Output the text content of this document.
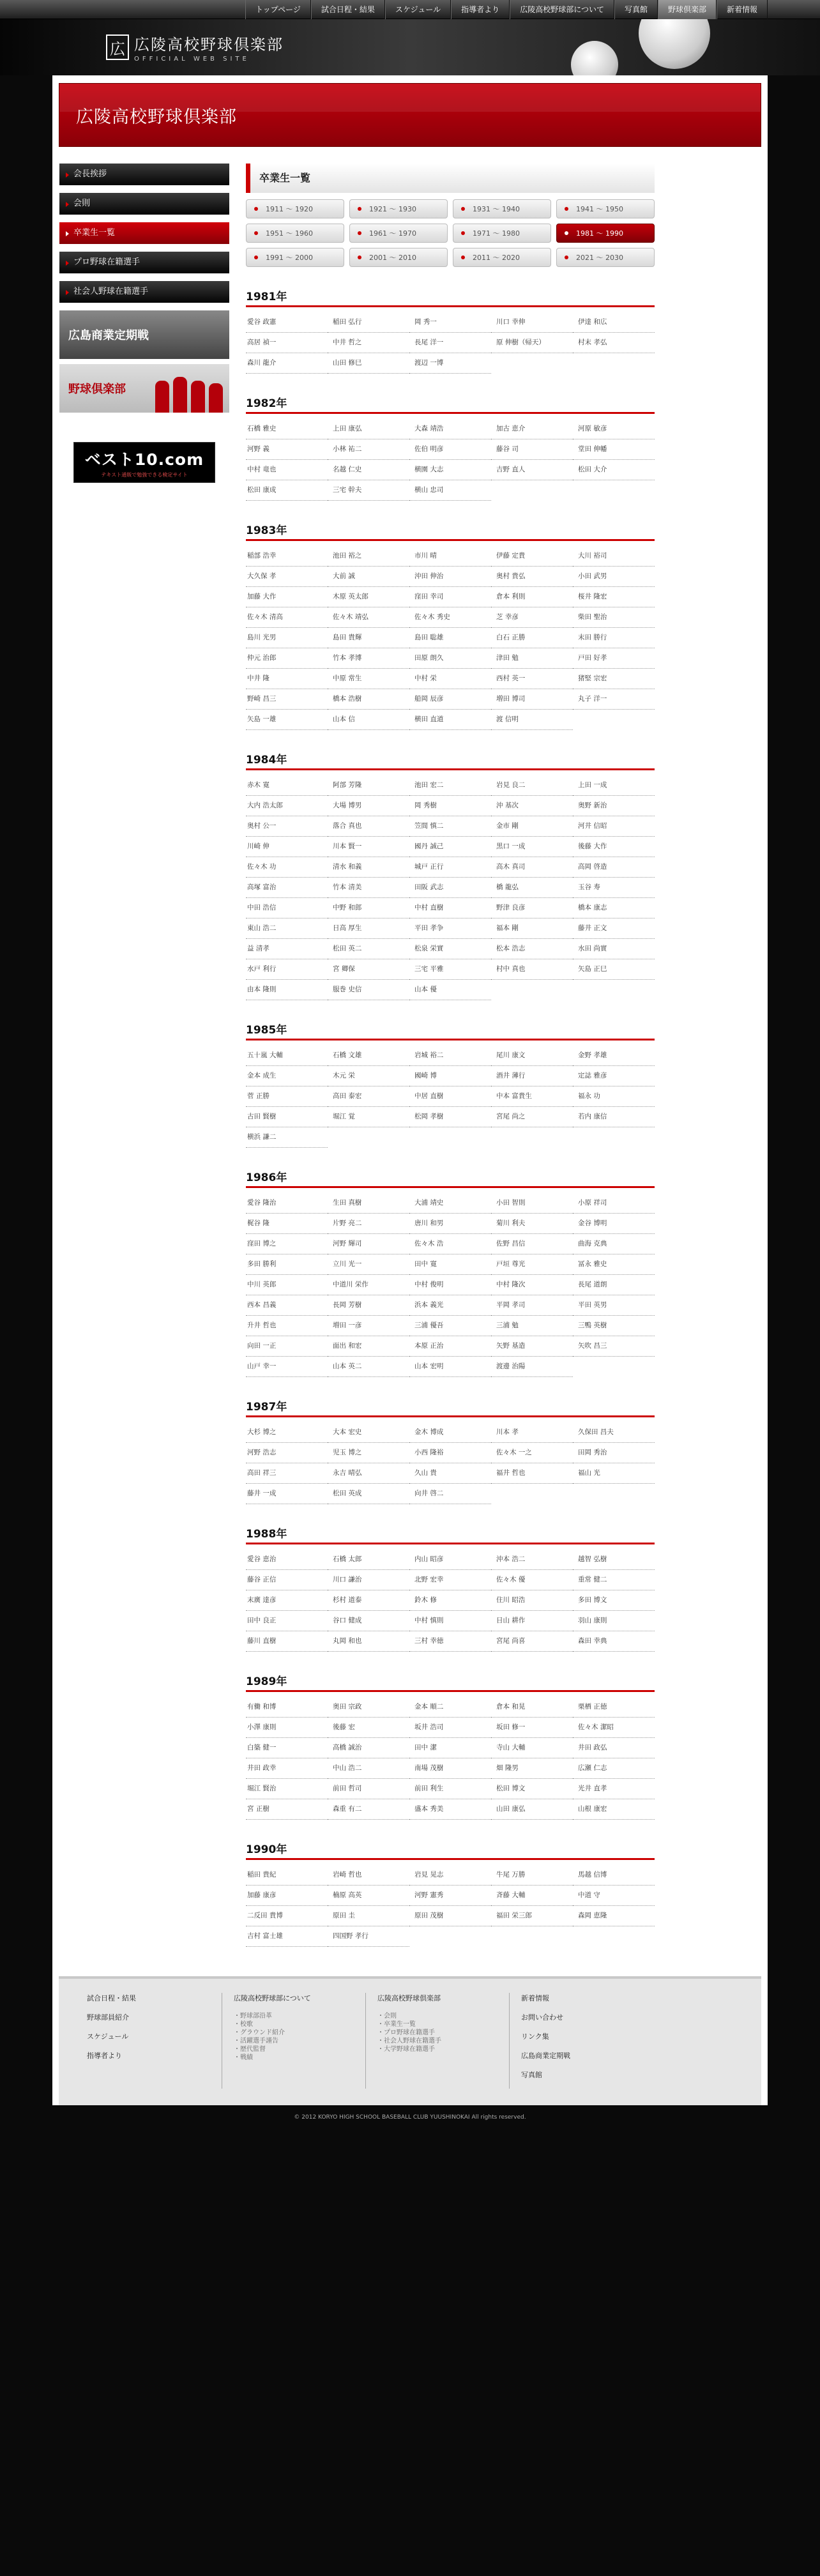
トップページ	試合日程・結果	スケジュール	指導者より	広陵高校野球部について	写真館	野球倶楽部	新着情報
広 広陵高校野球倶楽部
OFFICIAL WEB SITE
広陵高校野球倶楽部
会長挨拶
会則
卒業生一覧
プロ野球在籍選手
社会人野球在籍選手
広島商業定期戦
野球倶楽部
ベスト10.com
テキスト通販で勉強できる検定サイト
卒業生一覧
1911 〜 1920	1921 〜 1930	1931 〜 1940	1941 〜 1950
1951 〜 1960	1961 〜 1970	1971 〜 1980	1981 〜 1990
1991 〜 2000	2001 〜 2010	2011 〜 2020	2021 〜 2030
1981年
愛谷 政憲	稲田 弘行	岡 秀一	川口 幸伸	伊達 和広
高居 禎一	中井 哲之	長尾 洋一	原 伸樹（帰天）	村末 孝弘
森川 龍介	山田 修巳	渡辺 一博
1982年
石橋 雅史	上田 康弘	大森 靖浩	加古 恵介	河原 敏彦
河野 義	小林 祐二	佐伯 明彦	藤谷 司	堂田 伸幡
中村 竜也	名越 仁史	横園 大志	吉野 直人	松田 大介
松田 康成	三宅 幹夫	横山 忠司
1983年
稲部 浩幸	池田 裕之	市川 晴	伊藤 定貴	大川 裕司
大久保 孝	大前 誠	沖田 伸治	奥村 貴弘	小田 武男
加藤 大作	木原 英太郎	窪田 幸司	倉本 利則	桜井 隆宏
佐々木 清高	佐々木 靖弘	佐々木 秀史	芝 幸彦	柴田 聖治
島川 光男	島田 貴輝	島田 聡雄	白石 正勝	末田 勝行
仲元 治郎	竹本 孝博	田原 朗久	津田 勉	戸田 好孝
中井 隆	中原 常生	中村 栄	西村 英一	猪堅 宗宏
野崎 昌三	橋本 浩樹	船岡 辰彦	増田 博司	丸子 洋一
矢島 一雄	山本 信	横田 直道	渡 信明
1984年
赤木 寛	阿部 芳隆	池田 宏二	岩見 良二	上田 一成
大内 浩太郎	大場 博男	岡 秀樹	沖 基次	奥野 新治
奥村 公一	落合 真也	笠間 慎二	金市 剛	河井 信昭
川崎 伸	川本 賢一	國丹 誠己	黒口 一成	後藤 大作
佐々木 功	清水 和義	城戸 正行	高木 真司	高岡 啓造
高塚 富治	竹本 清美	田阪 武志	橋 龍弘	玉谷 寿
中田 浩信	中野 和郎	中村 直樹	野津 良彦	橋本 康志
東山 浩二	日高 厚生	平田 孝争	福本 剛	藤井 正文
益 清孝	松田 英二	松泉 栄實	松本 浩志	水田 尚實
水戸 利行	宮 卿保	三宅 平雅	村中 真也	矢島 正巳
由本 隆則	服巻 史信	山本 優
1985年
五十嵐 大輔	石橋 文雄	岩城 裕二	尾川 康文	金野 孝雄
金本 成生	木元 栄	國崎 博	酒井 薄行	定誌 雅彦
菅 正勝	高田 泰宏	中居 直樹	中本 富貴生	福永 功
古田 賢樹	堀江 覚	松岡 孝樹	宮尾 尚之	若内 康信
横浜 謙二
1986年
愛谷 隆治	生田 真樹	大浦 靖史	小田 智則	小原 祥司
梶谷 隆	片野 亮二	唐川 和男	菊川 利夫	金谷 博明
窪田 博之	河野 輝司	佐々木 浩	佐野 昌信	曲海 克典
多田 勝利	立川 光一	田中 寛	戸垣 尊光	冨永 雅史
中川 英郎	中道川 栄作	中村 俊明	中村 隆次	長尾 道朗
西本 昌義	長岡 芳樹	浜本 義光	平岡 孝司	平田 英男
升井 哲也	増田 一彦	三浦 優吾	三浦 勉	三鴨 英樹
向田 一正	面出 和宏	本原 正治	矢野 基造	矢吹 昌三
山戸 幸一	山本 英二	山本 宏明	渡邊 治陽
1987年
大杉 博之	大本 宏史	金木 博成	川本 孝	久保田 昌夫
河野 浩志	児玉 博之	小西 隆裕	佐々木 一之	田岡 秀治
高田 祥三	永吉 晴弘	久山 貴	福井 哲也	福山 光
藤井 一成	松田 英成	向井 啓二
1988年
愛谷 恵治	石橋 太郎	内山 昭彦	沖本 浩二	越智 弘樹
藤谷 正信	川口 謙治	北野 宏幸	佐々木 優	重常 健二
末廣 達彦	杉村 道泰	鈴木 修	住川 昭浩	多田 博文
田中 良正	谷口 健成	中村 慎則	日山 耕作	羽山 康則
藤川 直樹	丸岡 和也	三村 幸徳	宮尾 尚喜	森田 幸典
1989年
有働 和博	奥田 宗政	金本 順二	倉本 和晃	栗栖 正徳
小澤 康則	後藤 宏	坂井 浩司	坂田 修一	佐々木 潔昭
白築 健一	高橋 誠治	田中 潔	寺山 大輔	井田 政弘
井田 政幸	中山 浩二	南場 茂樹	畑 隆男	広瀬 仁志
堀江 賢治	前田 哲司	前田 利生	松田 博文	光井 直孝
宮 正樹	森重 有二	盛本 秀美	山田 康弘	山根 康宏
1990年
稲田 貴紀	岩崎 哲也	岩見 晃志	牛尾 万勝	馬越 信博
加藤 康彦	楠原 高英	河野 憲秀	斉藤 大輔	中道 守
二反田 貴博	原田 圭	原田 茂樹	福田 栄三郎	森岡 恵隆
吉村 富士雄	四国野 孝行
試合日程・結果
野球部員紹介
スケジュール
指導者より
広陵高校野球部について
・野球部沿革
・校歌
・グラウンド紹介
・活躍選手謹告
・歴代監督
・戦績
広陵高校野球倶楽部
・会則
・卒業生一覧
・プロ野球在籍選手
・社会人野球在籍選手
・大学野球在籍選手
新着情報
お問い合わせ
リンク集
広島商業定期戦
写真館
© 2012 KORYO HIGH SCHOOL BASEBALL CLUB YUUSHINOKAI All rights reserved.
